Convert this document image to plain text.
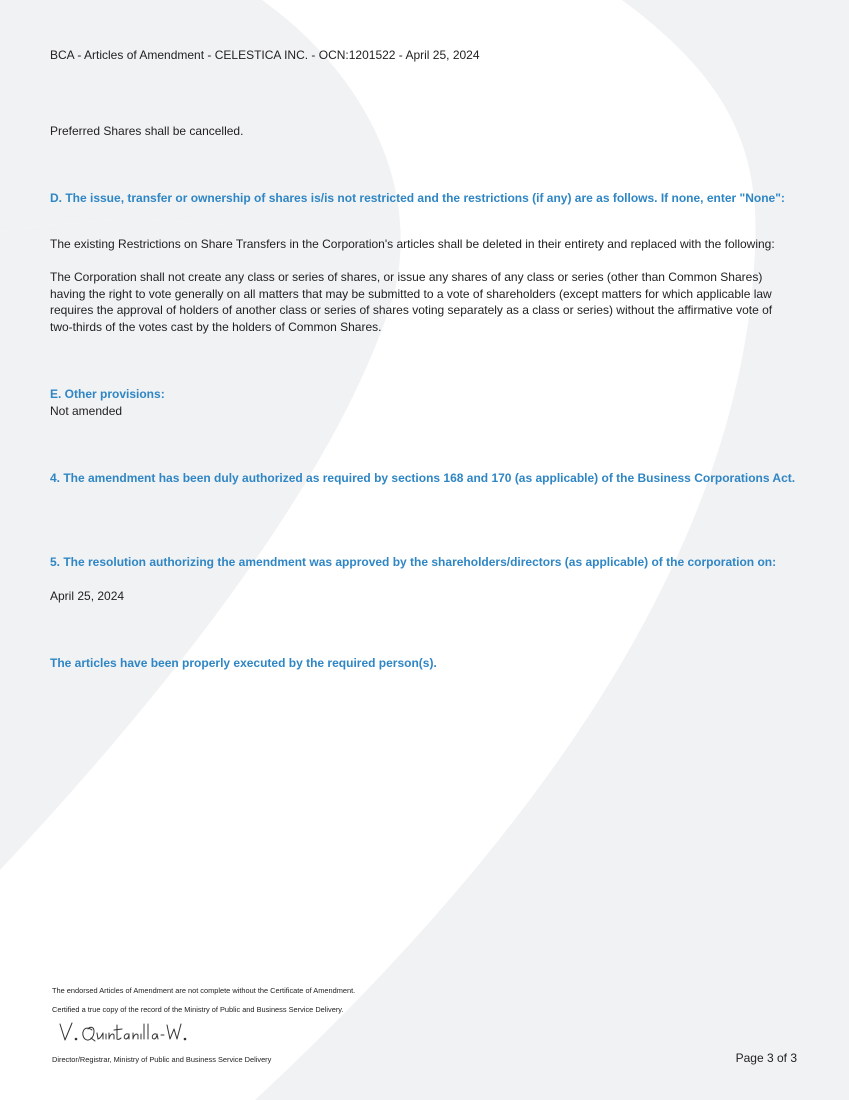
BCA - Articles of Amendment - CELESTICA INC. - OCN:1201522 - April 25, 2024
Preferred Shares shall be cancelled.
D. The issue, transfer or ownership of shares is/is not restricted and the restrictions (if any) are as follows. If none, enter "None":
The existing Restrictions on Share Transfers in the Corporation's articles shall be deleted in their entirety and replaced with the following:
The Corporation shall not create any class or series of shares, or issue any shares of any class or series (other than Common Shares) having the right to vote generally on all matters that may be submitted to a vote of shareholders (except matters for which applicable law requires the approval of holders of another class or series of shares voting separately as a class or series) without the affirmative vote of two-thirds of the votes cast by the holders of Common Shares.
E. Other provisions:
Not amended
4. The amendment has been duly authorized as required by sections 168 and 170 (as applicable) of the Business Corporations Act.
5. The resolution authorizing the amendment was approved by the shareholders/directors (as applicable) of the corporation on:
April 25, 2024
The articles have been properly executed by the required person(s).
The endorsed Articles of Amendment are not complete without the Certificate of Amendment.
Certified a true copy of the record of the Ministry of Public and Business Service Delivery.
Director/Registrar, Ministry of Public and Business Service Delivery	Page 3 of 3
